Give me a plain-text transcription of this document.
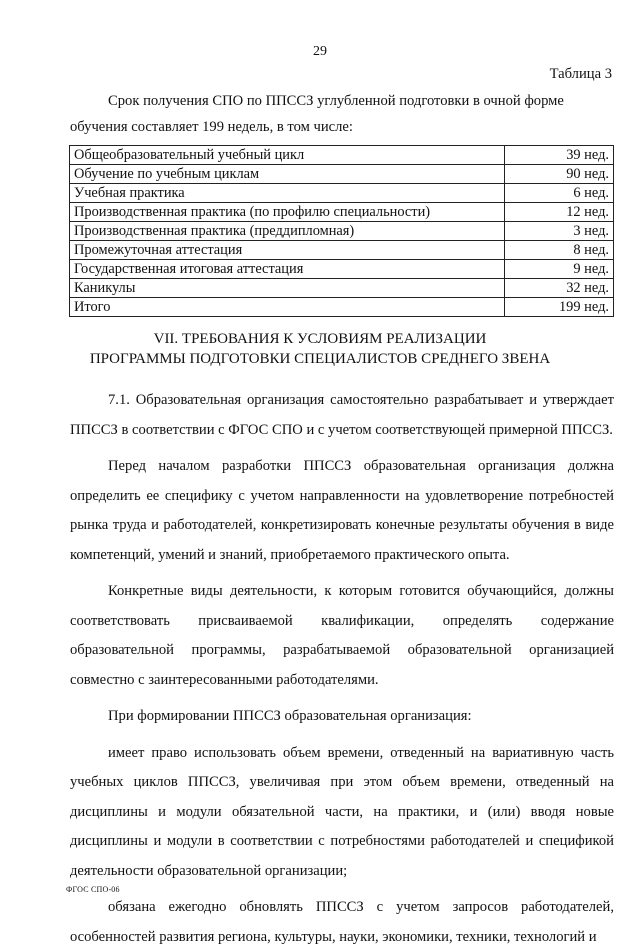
29
Таблица 3
Срок получения СПО по ППССЗ углубленной подготовки в очной форме
обучения составляет 199 недель, в том числе:
Общеобразовательный учебный цикл	39 нед.
Обучение по учебным циклам	90 нед.
Учебная практика	6 нед.
Производственная практика (по профилю специальности)	12 нед.
Производственная практика (преддипломная)	3 нед.
Промежуточная аттестация	8 нед.
Государственная итоговая аттестация	9 нед.
Каникулы	32 нед.
Итого	199 нед.
VII. ТРЕБОВАНИЯ К УСЛОВИЯМ РЕАЛИЗАЦИИ
ПРОГРАММЫ ПОДГОТОВКИ СПЕЦИАЛИСТОВ СРЕДНЕГО ЗВЕНА

7.1. Образовательная организация самостоятельно разрабатывает и утверждает ППССЗ в соответствии с ФГОС СПО и с учетом соответствующей примерной ППССЗ.

Перед началом разработки ППССЗ образовательная организация должна определить ее специфику с учетом направленности на удовлетворение потребностей рынка труда и работодателей, конкретизировать конечные результаты обучения в виде компетенций, умений и знаний, приобретаемого практического опыта.

Конкретные виды деятельности, к которым готовится обучающийся, должны соответствовать присваиваемой квалификации, определять содержание образовательной программы, разрабатываемой образовательной организацией совместно с заинтересованными работодателями.

При формировании ППССЗ образовательная организация:

имеет право использовать объем времени, отведенный на вариативную часть учебных циклов ППССЗ, увеличивая при этом объем времени, отведенный на дисциплины и модули обязательной части, на практики, и (или) вводя новые дисциплины и модули в соответствии с потребностями работодателей и спецификой деятельности образовательной организации;

обязана ежегодно обновлять ППССЗ с учетом запросов работодателей, особенностей развития региона, культуры, науки, экономики, техники, технологий и

ФГОС СПО-06
